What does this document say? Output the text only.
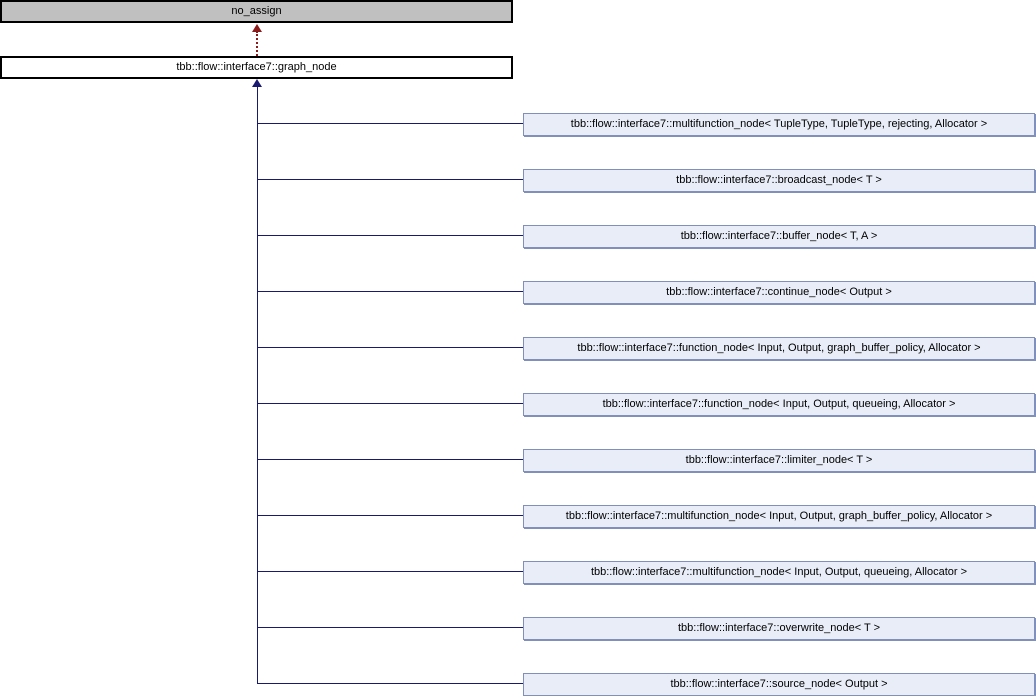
no_assign
tbb::flow::interface7::graph_node
tbb::flow::interface7::multifunction_node< TupleType, TupleType, rejecting, Allocator >
tbb::flow::interface7::broadcast_node< T >
tbb::flow::interface7::buffer_node< T, A >
tbb::flow::interface7::continue_node< Output >
tbb::flow::interface7::function_node< Input, Output, graph_buffer_policy, Allocator >
tbb::flow::interface7::function_node< Input, Output, queueing, Allocator >
tbb::flow::interface7::limiter_node< T >
tbb::flow::interface7::multifunction_node< Input, Output, graph_buffer_policy, Allocator >
tbb::flow::interface7::multifunction_node< Input, Output, queueing, Allocator >
tbb::flow::interface7::overwrite_node< T >
tbb::flow::interface7::source_node< Output >
